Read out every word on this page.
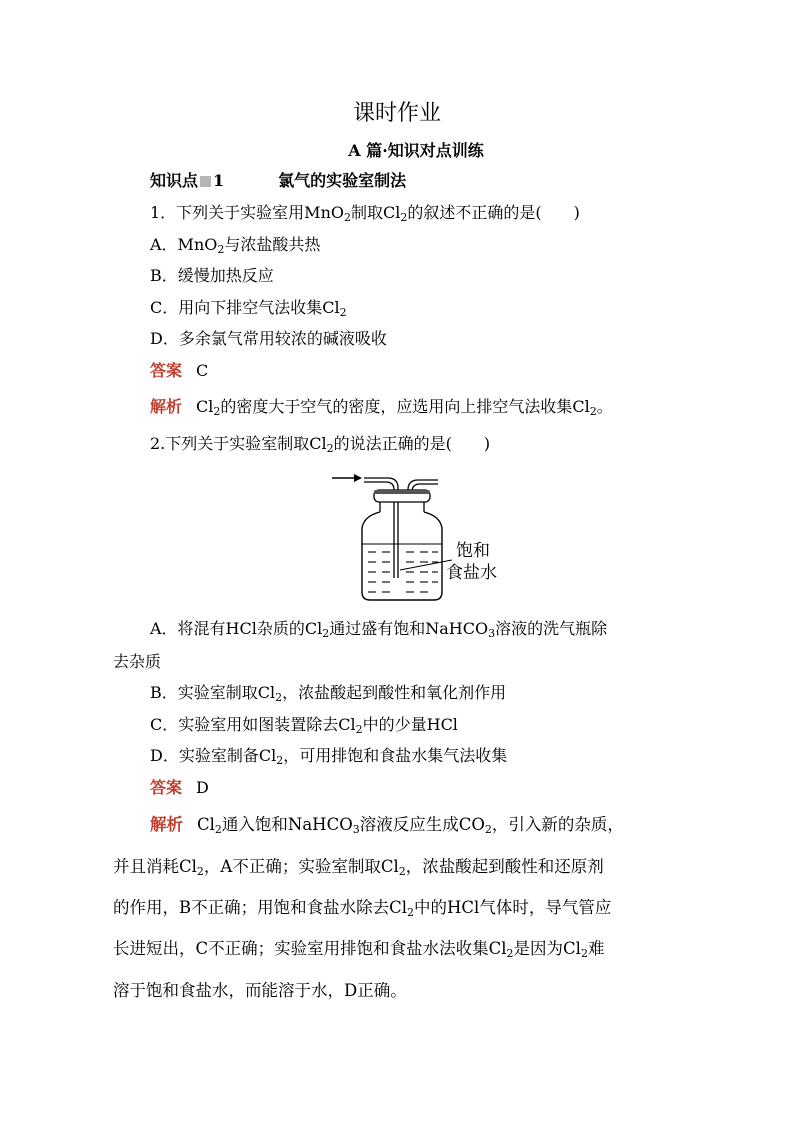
课时作业
A 篇·知识对点训练
知识点 1	氯气的实验室制法
1．下列关于实验室用MnO$_2$制取$Cl_2$的叙述不正确的是(　　)
A．MnO$_2$与浓盐酸共热
B．缓慢加热反应
C．用向下排空气法收集$Cl_2$
D．多余氯气常用较浓的碱液吸收
答案 C
解析 $Cl_2$的密度大于空气的密度，应选用向上排空气法收集$Cl_2$。
2.下列关于实验室制取$Cl_2$的说法正确的是(　　)
饱和
食盐水
A．将混有HCl杂质的$Cl_2$通过盛有饱和NaHCO$_3$溶液的洗气瓶除
去杂质
B．实验室制取$Cl_2$，浓盐酸起到酸性和氧化剂作用
C．实验室用如图装置除去$Cl_2$中的少量HCl
D．实验室制备$Cl_2$，可用排饱和食盐水集气法收集
答案 D
解析 $Cl_2$通入饱和NaHCO$_3$溶液反应生成$CO_2$，引入新的杂质，
并且消耗$Cl_2$，A不正确；实验室制取$Cl_2$，浓盐酸起到酸性和还原剂
的作用，B不正确；用饱和食盐水除去$Cl_2$中的HCl气体时，导气管应
长进短出，C不正确；实验室用排饱和食盐水法收集$Cl_2$是因为$Cl_2$难
溶于饱和食盐水，而能溶于水，D正确。
